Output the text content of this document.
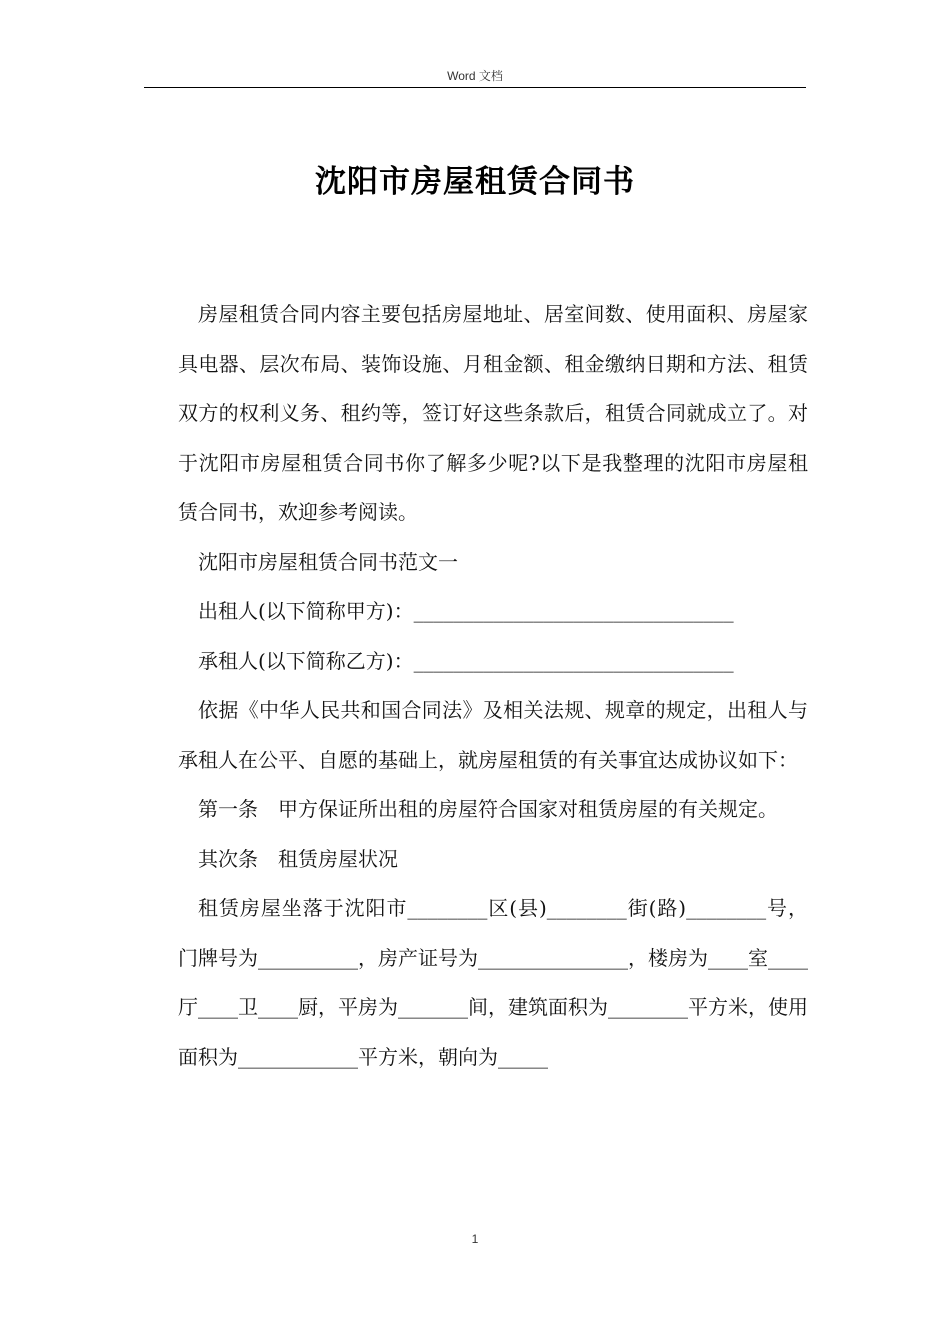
Word 文档
沈阳市房屋租赁合同书

房屋租赁合同内容主要包括房屋地址、居室间数、使用面积、房屋家具电器、层次布局、装饰设施、月租金额、租金缴纳日期和方法、租赁双方的权利义务、租约等，签订好这些条款后，租赁合同就成立了。对于沈阳市房屋租赁合同书你了解多少呢?以下是我整理的沈阳市房屋租赁合同书，欢迎参考阅读。

沈阳市房屋租赁合同书范文一

出租人(以下简称甲方)：________________________________

承租人(以下简称乙方)：________________________________

依据《中华人民共和国合同法》及相关法规、规章的规定，出租人与承租人在公平、自愿的基础上，就房屋租赁的有关事宜达成协议如下：

第一条　甲方保证所出租的房屋符合国家对租赁房屋的有关规定。

其次条　租赁房屋状况

租赁房屋坐落于沈阳市________区(县)________街(路)________号，门牌号为__________，房产证号为_______________，楼房为____室____厅____卫____厨，平房为_______间，建筑面积为________平方米，使用面积为____________平方米，朝向为_____

1
